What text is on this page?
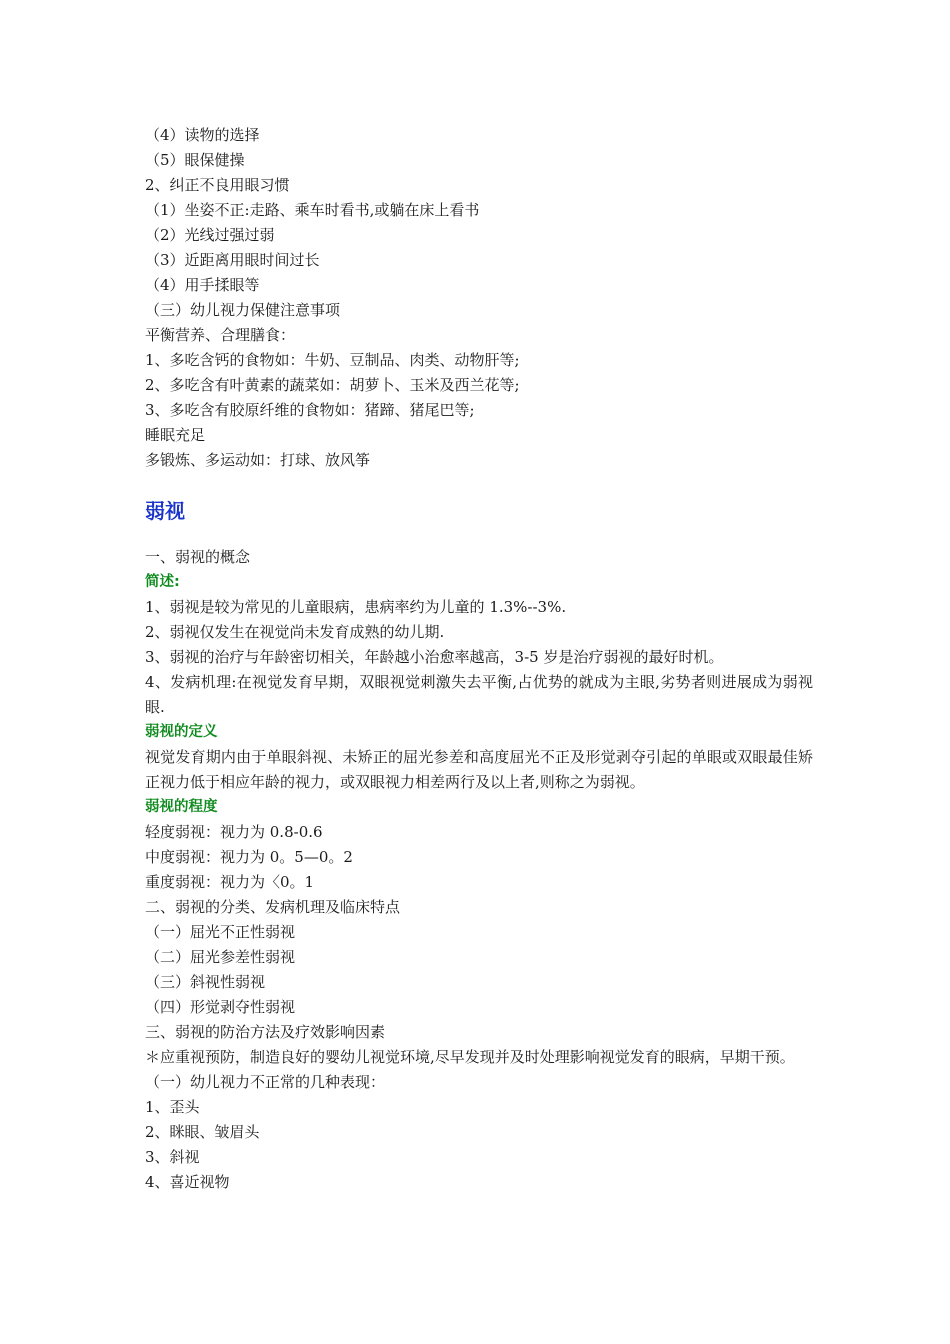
（4）读物的选择
（5）眼保健操
2、纠正不良用眼习惯
（1）坐姿不正:走路、乘车时看书,或躺在床上看书
（2）光线过强过弱
（3）近距离用眼时间过长
（4）用手揉眼等
（三）幼儿视力保健注意事项
平衡营养、合理膳食：
1、多吃含钙的食物如：牛奶、豆制品、肉类、动物肝等;
2、多吃含有叶黄素的蔬菜如：胡萝卜、玉米及西兰花等;
3、多吃含有胶原纤维的食物如：猪蹄、猪尾巴等;
睡眠充足
多锻炼、多运动如：打球、放风筝
弱视
一、弱视的概念
简述:
1、弱视是较为常见的儿童眼病，患病率约为儿童的 1.3%--3%.
2、弱视仅发生在视觉尚未发育成熟的幼儿期.
3、弱视的治疗与年龄密切相关，年龄越小治愈率越高，3-5 岁是治疗弱视的最好时机。
4、发病机理:在视觉发育早期，双眼视觉刺激失去平衡,占优势的就成为主眼,劣势者则进展成为弱视眼.
弱视的定义
视觉发育期内由于单眼斜视、未矫正的屈光参差和高度屈光不正及形觉剥夺引起的单眼或双眼最佳矫正视力低于相应年龄的视力，或双眼视力相差两行及以上者,则称之为弱视。
弱视的程度
轻度弱视：视力为 0.8-0.6
中度弱视：视力为 0。5—0。2
重度弱视：视力为〈0。1
二、弱视的分类、发病机理及临床特点
（一）屈光不正性弱视
（二）屈光参差性弱视
（三）斜视性弱视
（四）形觉剥夺性弱视
三、弱视的防治方法及疗效影响因素
＊应重视预防，制造良好的婴幼儿视觉环境,尽早发现并及时处理影响视觉发育的眼病，早期干预。
（一）幼儿视力不正常的几种表现：
1、歪头
2、眯眼、皱眉头
3、斜视
4、喜近视物
